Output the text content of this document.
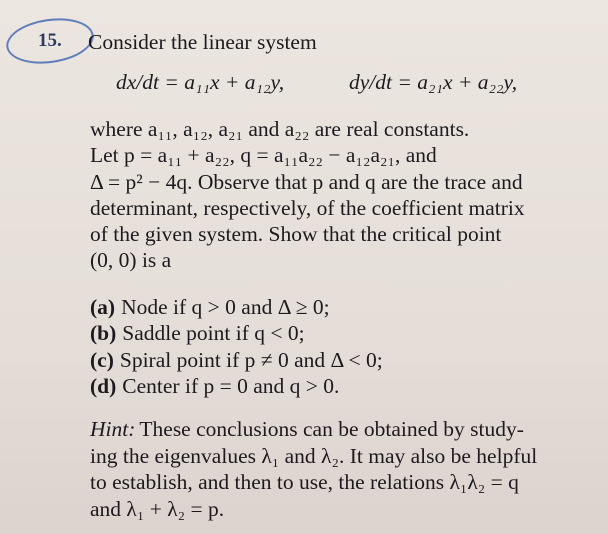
15. Consider the linear system
dx/dt = a₁₁x + a₁₂y,	dy/dt = a₂₁x + a₂₂y,
where a₁₁, a₁₂, a₂₁ and a₂₂ are real constants.
Let p = a₁₁ + a₂₂, q = a₁₁a₂₂ − a₁₂a₂₁, and
Δ = p² − 4q. Observe that p and q are the trace and
determinant, respectively, of the coefficient matrix
of the given system. Show that the critical point
(0, 0) is a
(a) Node if q > 0 and Δ ≥ 0;
(b) Saddle point if q < 0;
(c) Spiral point if p ≠ 0 and Δ < 0;
(d) Center if p = 0 and q > 0.
Hint: These conclusions can be obtained by study-
ing the eigenvalues λ₁ and λ₂. It may also be helpful
to establish, and then to use, the relations λ₁λ₂ = q
and λ₁ + λ₂ = p.
